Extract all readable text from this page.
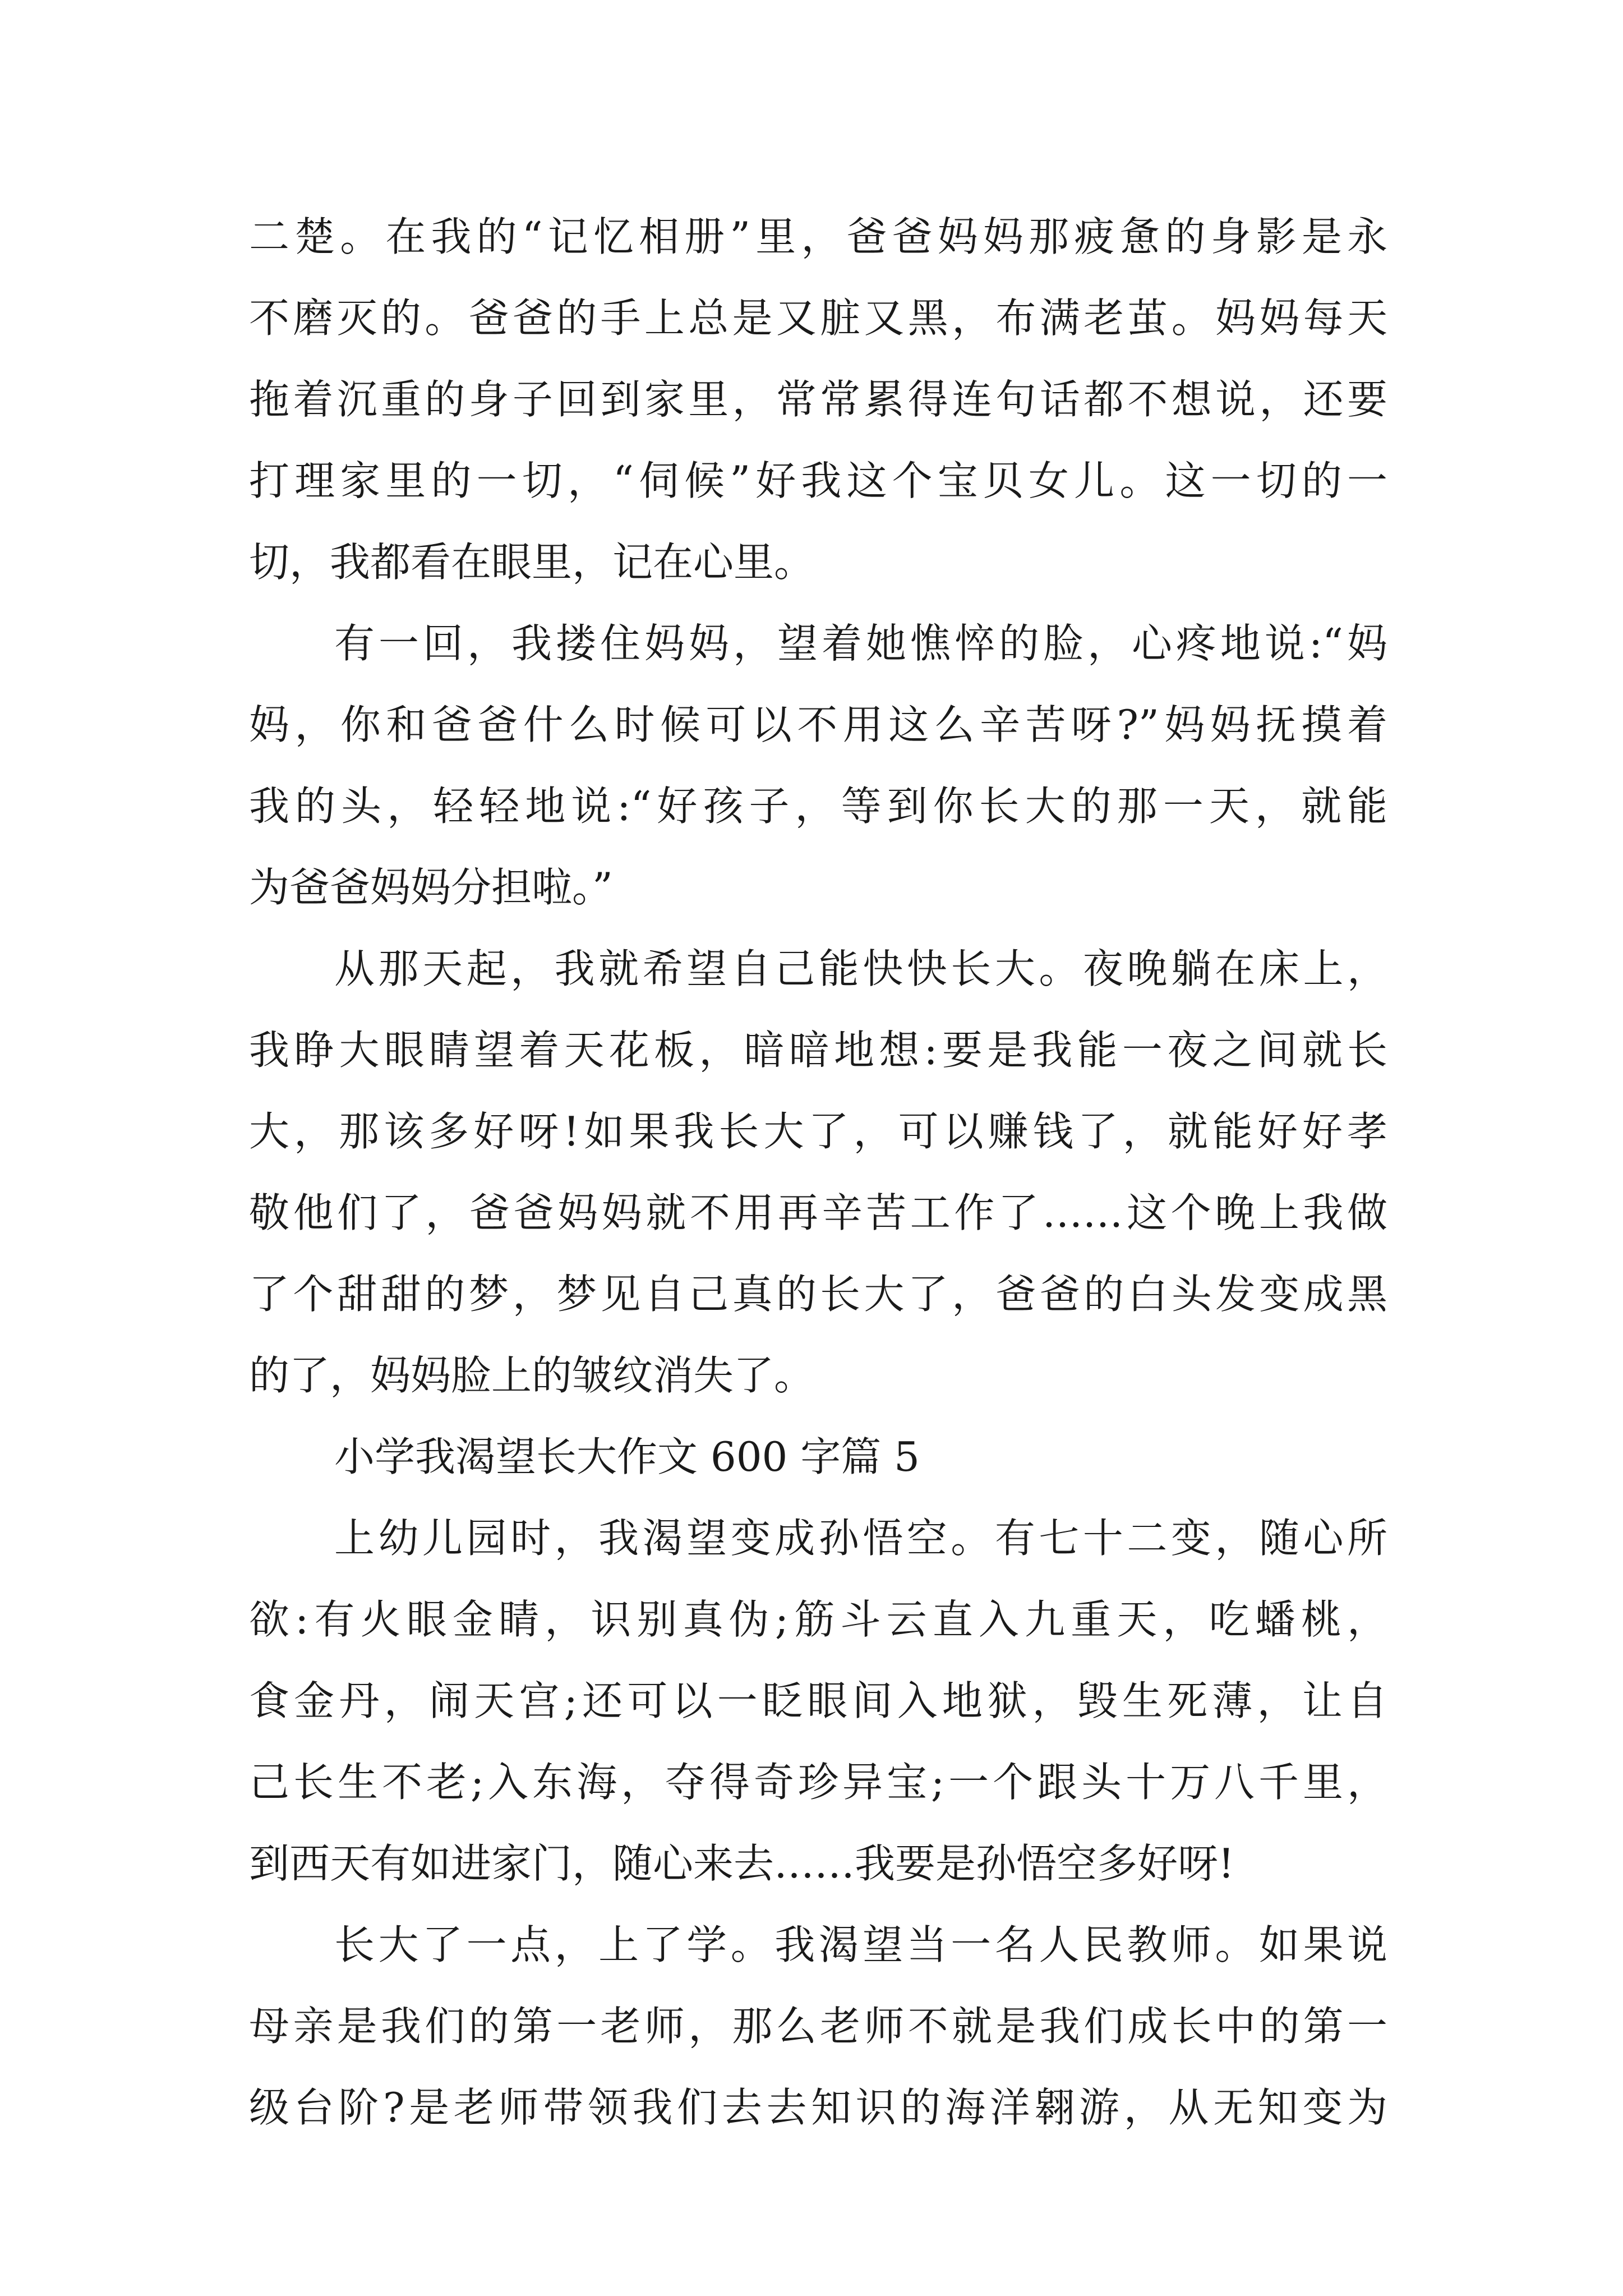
二楚。在我的“记忆相册”里，爸爸妈妈那疲惫的身影是永
不磨灭的。爸爸的手上总是又脏又黑，布满老茧。妈妈每天
拖着沉重的身子回到家里，常常累得连句话都不想说，还要
打理家里的一切，“伺候”好我这个宝贝女儿。这一切的一
切，我都看在眼里，记在心里。
有一回，我搂住妈妈，望着她憔悴的脸，心疼地说:“妈
妈，你和爸爸什么时候可以不用这么辛苦呀?”妈妈抚摸着
我的头，轻轻地说:“好孩子，等到你长大的那一天，就能
为爸爸妈妈分担啦。”
从那天起，我就希望自己能快快长大。夜晚躺在床上，
我睁大眼睛望着天花板，暗暗地想:要是我能一夜之间就长
大，那该多好呀!如果我长大了，可以赚钱了，就能好好孝
敬他们了，爸爸妈妈就不用再辛苦工作了……这个晚上我做
了个甜甜的梦，梦见自己真的长大了，爸爸的白头发变成黑
的了，妈妈脸上的皱纹消失了。
小学我渴望长大作文 600 字篇 5
上幼儿园时，我渴望变成孙悟空。有七十二变，随心所
欲:有火眼金睛，识别真伪;筋斗云直入九重天，吃蟠桃，
食金丹，闹天宫;还可以一眨眼间入地狱，毁生死薄，让自
己长生不老;入东海，夺得奇珍异宝;一个跟头十万八千里，
到西天有如进家门，随心来去……我要是孙悟空多好呀!
长大了一点，上了学。我渴望当一名人民教师。如果说
母亲是我们的第一老师，那么老师不就是我们成长中的第一
级台阶?是老师带领我们去去知识的海洋翱游，从无知变为
